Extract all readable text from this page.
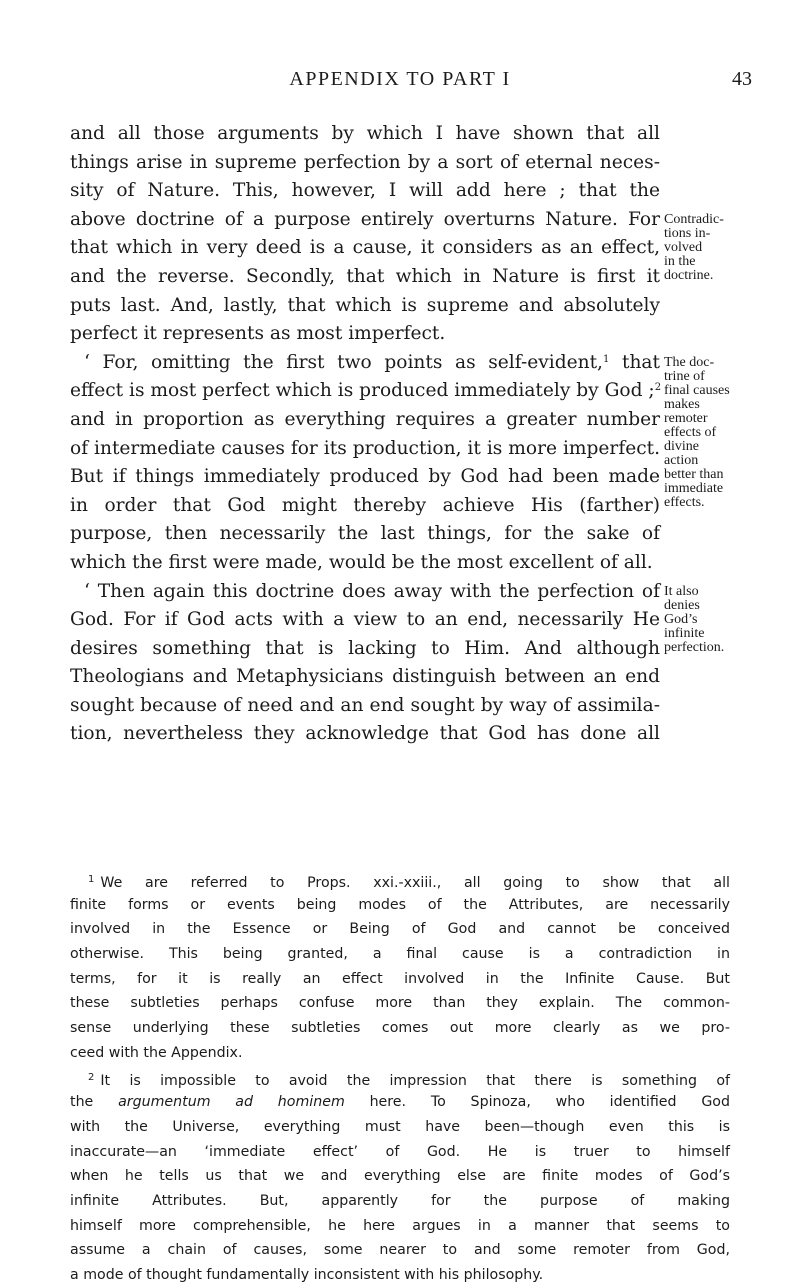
APPENDIX TO PART I	43
and all those arguments by which I have shown that all
things arise in supreme perfection by a sort of eternal neces-
sity of Nature. This, however, I will add here ; that the
above doctrine of a purpose entirely overturns Nature. For Contradic-
tions in-
volved
in the
doctrine.
that which in very deed is a cause, it considers as an effect,
and the reverse. Secondly, that which in Nature is first it
puts last. And, lastly, that which is supreme and absolutely
perfect it represents as most imperfect.
‘ For, omitting the first two points as self-evident,$^1$ that The doc-
trine of
final causes
makes
remoter
effects of
divine
action
better than
immediate
effects.
effect is most perfect which is produced immediately by God ;$^2$
and in proportion as everything requires a greater number
of intermediate causes for its production, it is more imperfect.
But if things immediately produced by God had been made
in order that God might thereby achieve His (farther)
purpose, then necessarily the last things, for the sake of
which the first were made, would be the most excellent of all.
‘ Then again this doctrine does away with the perfection of It also
denies
God’s
infinite
perfection.
God. For if God acts with a view to an end, necessarily He
desires something that is lacking to Him. And although
Theologians and Metaphysicians distinguish between an end
sought because of need and an end sought by way of assimila-
tion, nevertheless they acknowledge that God has done all
$^1$ We are referred to Props. xxi.-xxiii., all going to show that all
finite forms or events being modes of the Attributes, are necessarily
involved in the Essence or Being of God and cannot be conceived
otherwise. This being granted, a final cause is a contradiction in
terms, for it is really an effect involved in the Infinite Cause. But
these subtleties perhaps confuse more than they explain. The common-
sense underlying these subtleties comes out more clearly as we pro-
ceed with the Appendix.
$^2$ It is impossible to avoid the impression that there is something of
the argumentum ad hominem here. To Spinoza, who identified God
with the Universe, everything must have been—though even this is
inaccurate—an ‘immediate effect’ of God. He is truer to himself
when he tells us that we and everything else are finite modes of God’s
infinite Attributes. But, apparently for the purpose of making
himself more comprehensible, he here argues in a manner that seems to
assume a chain of causes, some nearer to and some remoter from God,
a mode of thought fundamentally inconsistent with his philosophy.
